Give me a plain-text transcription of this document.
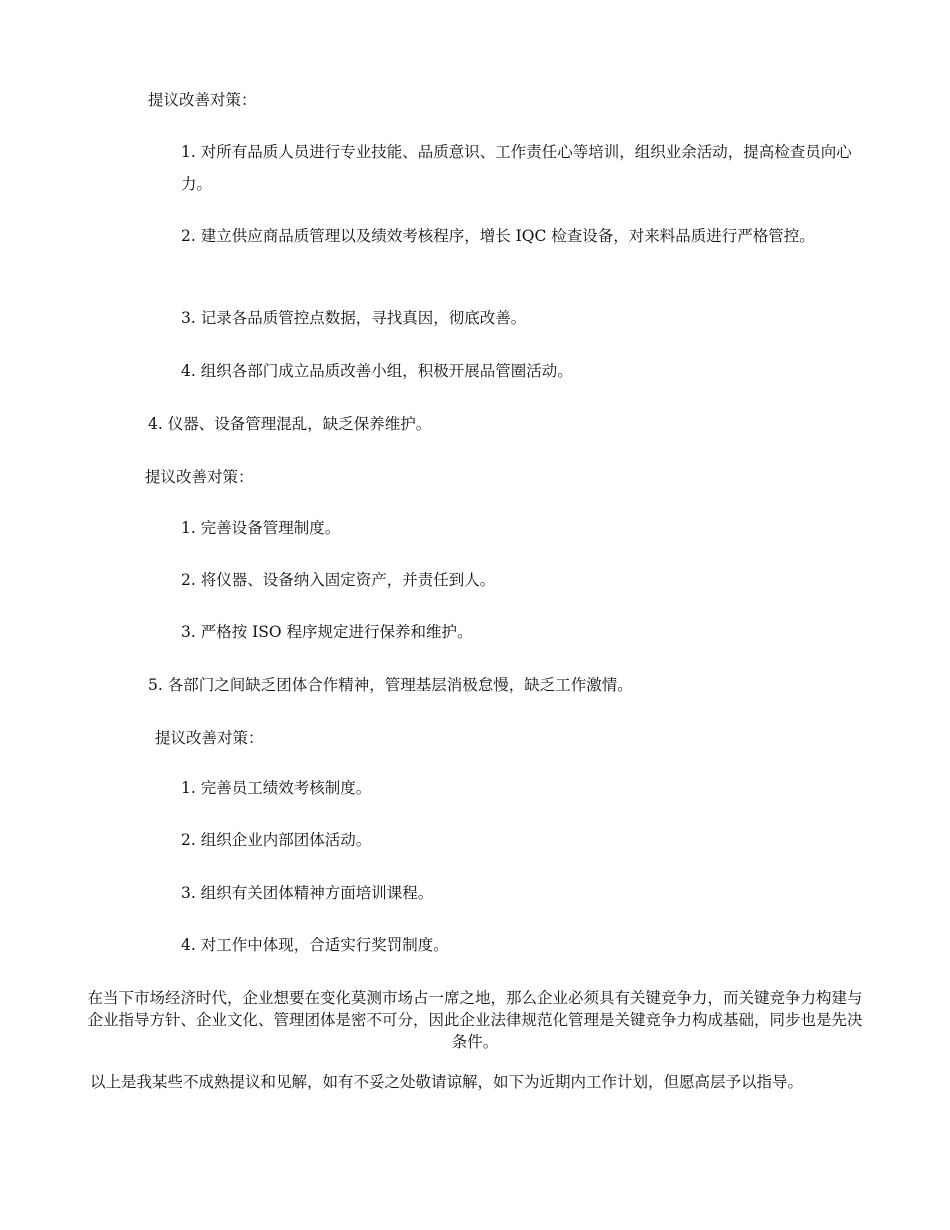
提议改善对策：
1. 对所有品质人员进行专业技能、品质意识、工作责任心等培训，组织业余活动，提高检查员向心力。
2. 建立供应商品质管理以及绩效考核程序，增长 IQC 检查设备，对来料品质进行严格管控。
3. 记录各品质管控点数据，寻找真因，彻底改善。
4. 组织各部门成立品质改善小组，积极开展品管圈活动。
4. 仪器、设备管理混乱，缺乏保养维护。
提议改善对策：
1. 完善设备管理制度。
2. 将仪器、设备纳入固定资产，并责任到人。
3. 严格按 ISO 程序规定进行保养和维护。
5. 各部门之间缺乏团体合作精神，管理基层消极怠慢，缺乏工作激情。
提议改善对策：
1. 完善员工绩效考核制度。
2. 组织企业内部团体活动。
3. 组织有关团体精神方面培训课程。
4. 对工作中体现，合适实行奖罚制度。
在当下市场经济时代，企业想要在变化莫测市场占一席之地，那么企业必须具有关键竞争力，而关键竞争力构建与企业指导方针、企业文化、管理团体是密不可分，因此企业法律规范化管理是关键竞争力构成基础，同步也是先决条件。
以上是我某些不成熟提议和见解，如有不妥之处敬请谅解，如下为近期内工作计划，但愿高层予以指导。
